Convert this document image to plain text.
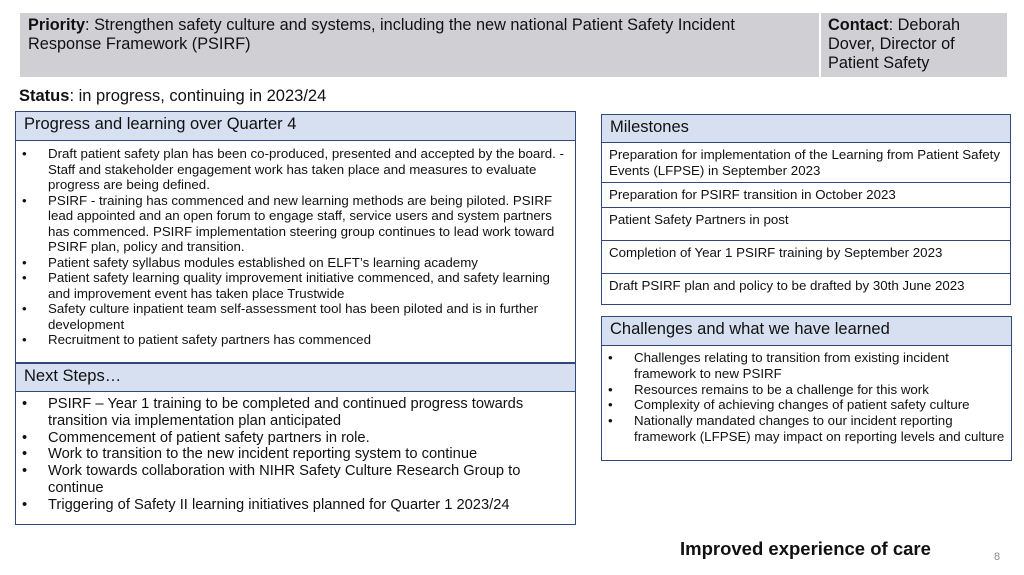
Priority: Strengthen safety culture and systems, including the new national Patient Safety Incident Response Framework (PSIRF)
Contact: Deborah Dover, Director of Patient Safety
Status: in progress, continuing in 2023/24
Progress and learning over Quarter 4
• Draft patient safety plan has been co-produced, presented and accepted by the board. - Staff and stakeholder engagement work has taken place and measures to evaluate progress are being defined.
• PSIRF - training has commenced and new learning methods are being piloted. PSIRF lead appointed and an open forum to engage staff, service users and system partners has commenced. PSIRF implementation steering group continues to lead work toward PSIRF plan, policy and transition.
• Patient safety syllabus modules established on ELFT’s learning academy
• Patient safety learning quality improvement initiative commenced, and safety learning and improvement event has taken place Trustwide
• Safety culture inpatient team self-assessment tool has been piloted and is in further development
• Recruitment to patient safety partners has commenced
Next Steps…
• PSIRF – Year 1 training to be completed and continued progress towards transition via implementation plan anticipated
• Commencement of patient safety partners in role.
• Work to transition to the new incident reporting system to continue
• Work towards collaboration with NIHR Safety Culture Research Group to continue
• Triggering of Safety II learning initiatives planned for Quarter 1 2023/24
Milestones
Preparation for implementation of the Learning from Patient Safety Events (LFPSE) in September 2023
Preparation for PSIRF transition in October 2023
Patient Safety Partners in post
Completion of Year 1 PSIRF training by September 2023
Draft PSIRF plan and policy to be drafted by 30th June 2023
Challenges and what we have learned
• Challenges relating to transition from existing incident framework to new PSIRF
• Resources remains to be a challenge for this work
• Complexity of achieving changes of patient safety culture
• Nationally mandated changes to our incident reporting framework (LFPSE) may impact on reporting levels and culture
Improved experience of care	8
